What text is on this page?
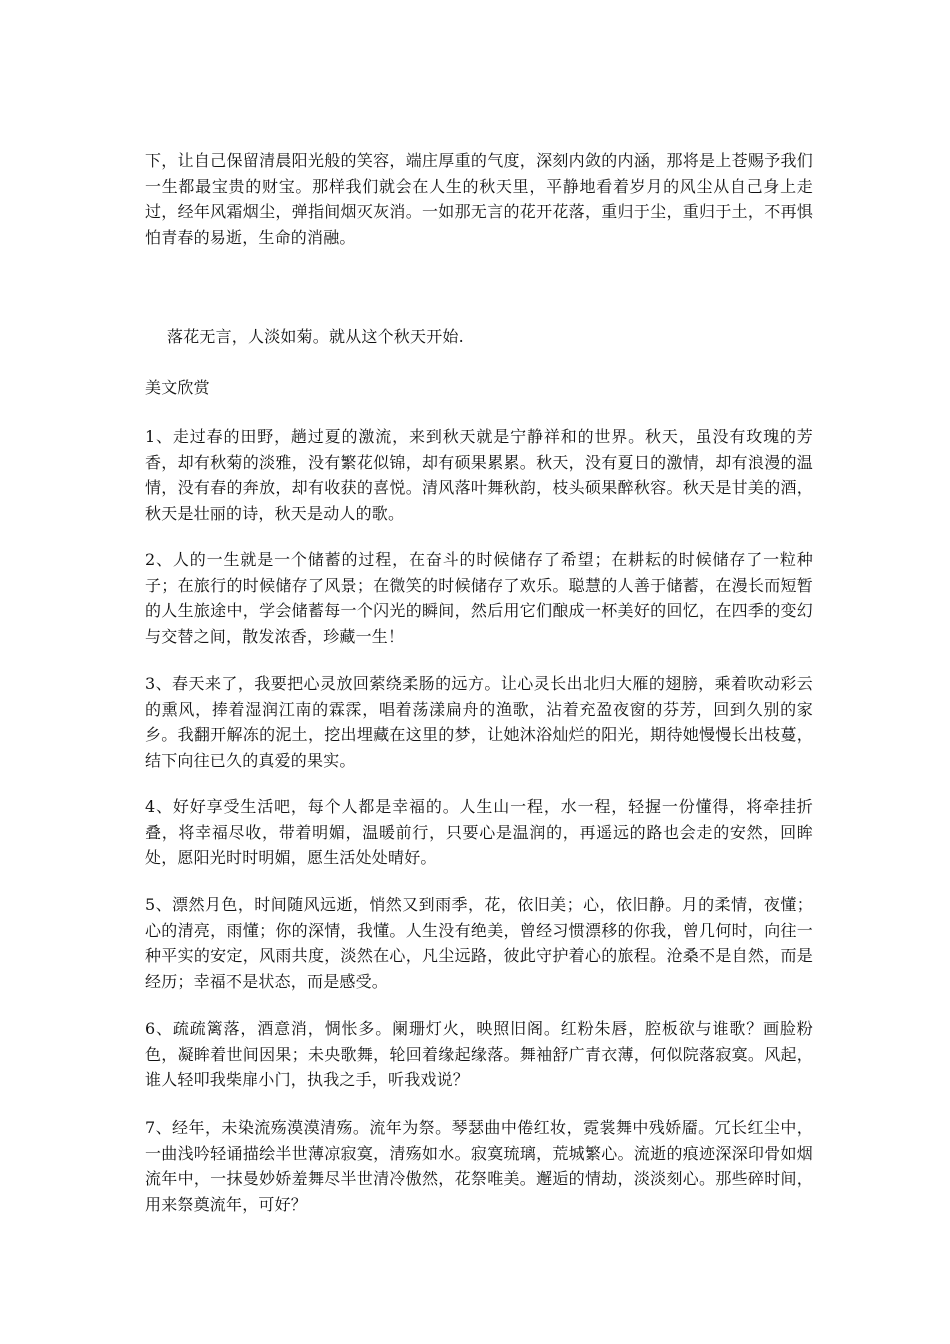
下，让自己保留清晨阳光般的笑容，端庄厚重的气度，深刻内敛的内涵，那将是上苍赐予我们一生都最宝贵的财宝。那样我们就会在人生的秋天里，平静地看着岁月的风尘从自己身上走过，经年风霜烟尘，弹指间烟灭灰消。一如那无言的花开花落，重归于尘，重归于土，不再惧怕青春的易逝，生命的消融。

落花无言，人淡如菊。就从这个秋天开始.

美文欣赏

1、走过春的田野，趟过夏的激流，来到秋天就是宁静祥和的世界。秋天，虽没有玫瑰的芳香，却有秋菊的淡雅，没有繁花似锦，却有硕果累累。秋天，没有夏日的激情，却有浪漫的温情，没有春的奔放，却有收获的喜悦。清风落叶舞秋韵，枝头硕果醉秋容。秋天是甘美的酒，秋天是壮丽的诗，秋天是动人的歌。

2、人的一生就是一个储蓄的过程，在奋斗的时候储存了希望；在耕耘的时候储存了一粒种子；在旅行的时候储存了风景；在微笑的时候储存了欢乐。聪慧的人善于储蓄，在漫长而短暂的人生旅途中，学会储蓄每一个闪光的瞬间，然后用它们酿成一杯美好的回忆，在四季的变幻与交替之间，散发浓香，珍藏一生！

3、春天来了，我要把心灵放回萦绕柔肠的远方。让心灵长出北归大雁的翅膀，乘着吹动彩云的熏风，捧着湿润江南的霖霂，唱着荡漾扁舟的渔歌，沾着充盈夜窗的芬芳，回到久别的家乡。我翻开解冻的泥土，挖出埋藏在这里的梦，让她沐浴灿烂的阳光，期待她慢慢长出枝蔓，结下向往已久的真爱的果实。

4、好好享受生活吧，每个人都是幸福的。人生山一程，水一程，轻握一份懂得，将牵挂折叠，将幸福尽收，带着明媚，温暖前行，只要心是温润的，再遥远的路也会走的安然，回眸处，愿阳光时时明媚，愿生活处处晴好。

5、漂然月色，时间随风远逝，悄然又到雨季，花，依旧美；心，依旧静。月的柔情，夜懂；心的清亮，雨懂；你的深情，我懂。人生没有绝美，曾经习惯漂移的你我，曾几何时，向往一种平实的安定，风雨共度，淡然在心，凡尘远路，彼此守护着心的旅程。沧桑不是自然，而是经历；幸福不是状态，而是感受。

6、疏疏篱落，酒意消，惆怅多。阑珊灯火，映照旧阁。红粉朱唇，腔板欲与谁歌？画脸粉色，凝眸着世间因果；未央歌舞，轮回着缘起缘落。舞袖舒广青衣薄，何似院落寂寞。风起，谁人轻叩我柴扉小门，执我之手，听我戏说？

7、经年，未染流殇漠漠清殇。流年为祭。琴瑟曲中倦红妆，霓裳舞中残娇靥。冗长红尘中，一曲浅吟轻诵描绘半世薄凉寂寞，清殇如水。寂寞琉璃，荒城繁心。流逝的痕迹深深印骨如烟流年中，一抹曼妙娇羞舞尽半世清冷傲然，花祭唯美。邂逅的情劫，淡淡刻心。那些碎时间，用来祭奠流年，可好？
